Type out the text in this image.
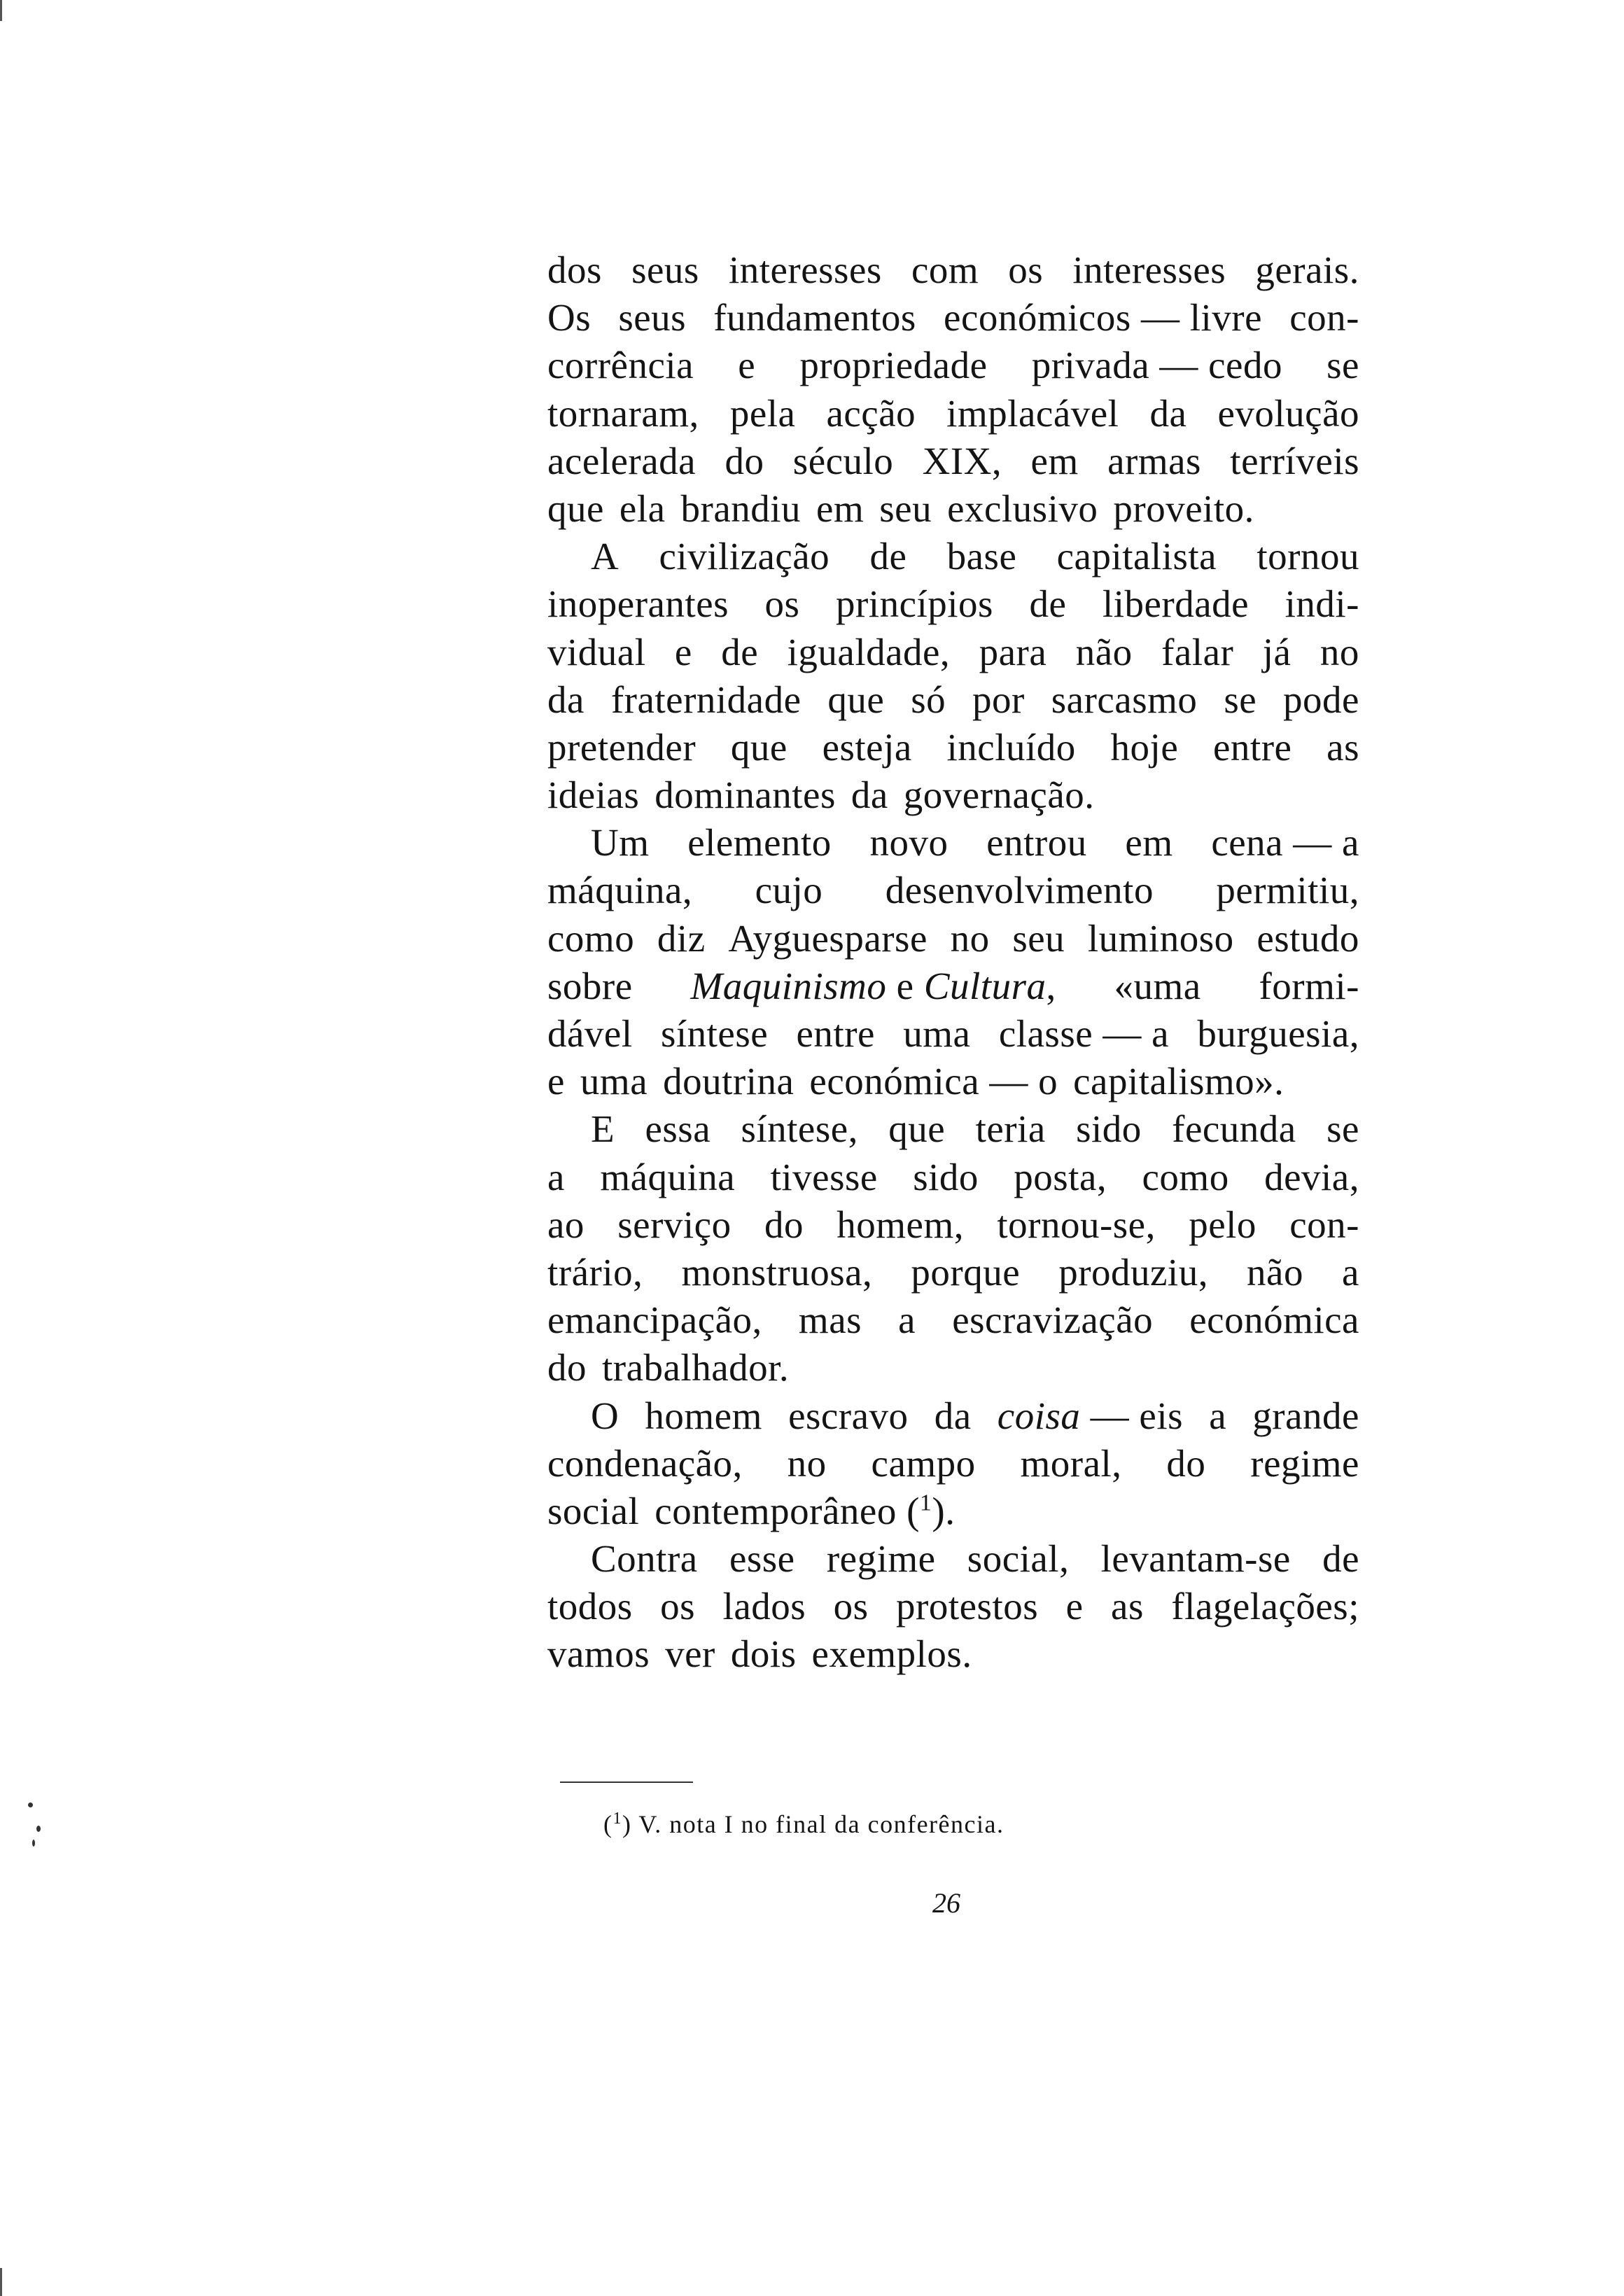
dos seus interesses com os interesses gerais.
Os seus fundamentos económicos — livre con-
corrência e propriedade privada — cedo se
tornaram, pela acção implacável da evolução
acelerada do século XIX, em armas terríveis
que ela brandiu em seu exclusivo proveito.
A civilização de base capitalista tornou
inoperantes os princípios de liberdade indi-
vidual e de igualdade, para não falar já no
da fraternidade que só por sarcasmo se pode
pretender que esteja incluído hoje entre as
ideias dominantes da governação.
Um elemento novo entrou em cena — a
máquina, cujo desenvolvimento permitiu,
como diz Ayguesparse no seu luminoso estudo
sobre Maquinismo e Cultura, «uma formi-
dável síntese entre uma classe — a burguesia,
e uma doutrina económica — o capitalismo».
E essa síntese, que teria sido fecunda se
a máquina tivesse sido posta, como devia,
ao serviço do homem, tornou-se, pelo con-
trário, monstruosa, porque produziu, não a
emancipação, mas a escravização económica
do trabalhador.
O homem escravo da coisa — eis a grande
condenação, no campo moral, do regime
social contemporâneo ($^1$).
Contra esse regime social, levantam-se de
todos os lados os protestos e as flagelações;
vamos ver dois exemplos.
($^1$) V. nota I no final da conferência.
26
